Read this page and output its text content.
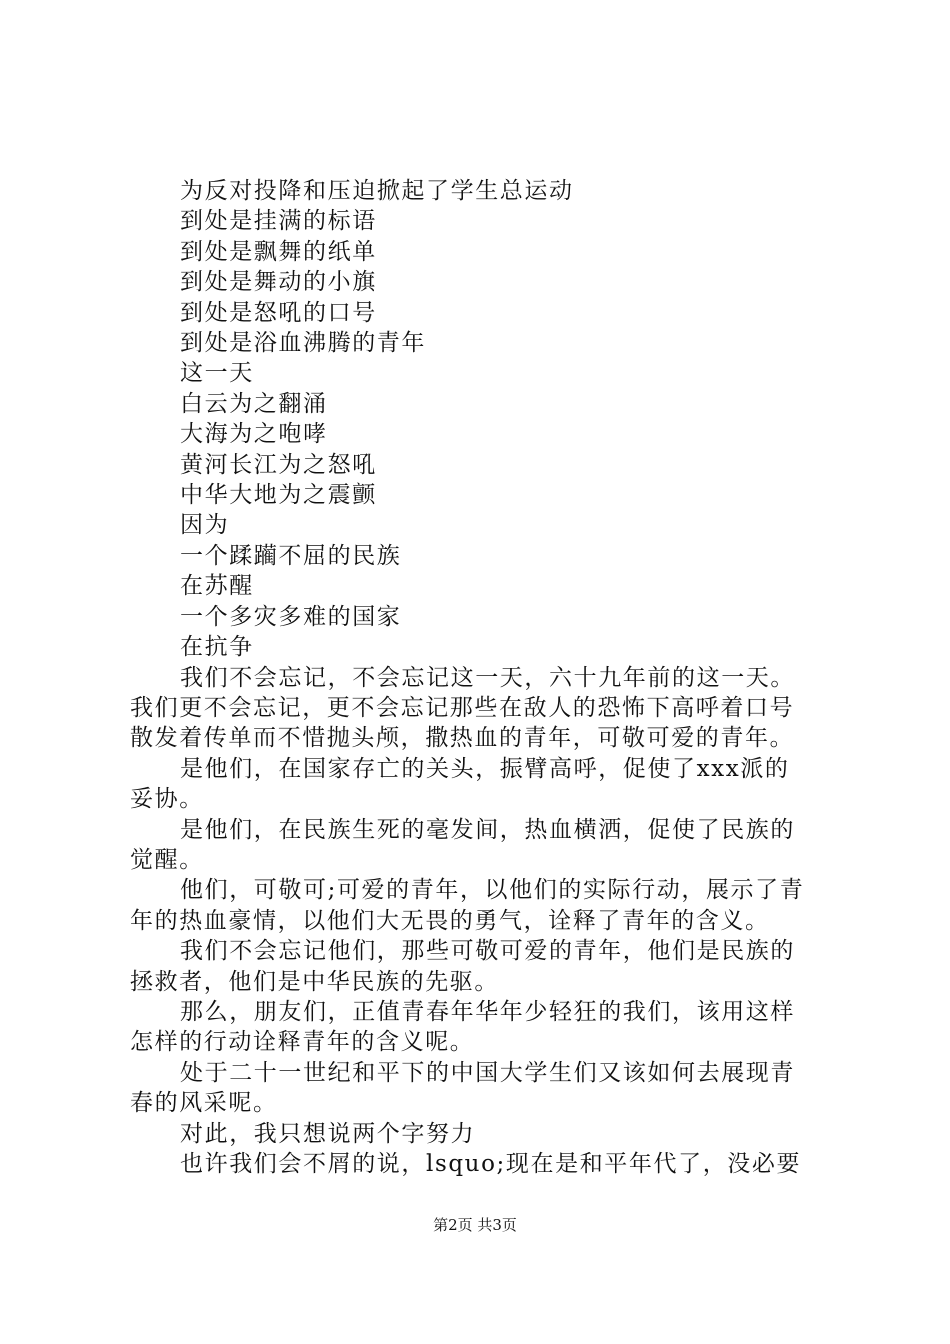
为反对投降和压迫掀起了学生总运动
到处是挂满的标语
到处是飘舞的纸单
到处是舞动的小旗
到处是怒吼的口号
到处是浴血沸腾的青年
这一天
白云为之翻涌
大海为之咆哮
黄河长江为之怒吼
中华大地为之震颤
因为
一个蹂躏不屈的民族
在苏醒
一个多灾多难的国家
在抗争
我们不会忘记，不会忘记这一天，六十九年前的这一天。
我们更不会忘记，更不会忘记那些在敌人的恐怖下高呼着口号
散发着传单而不惜抛头颅，撒热血的青年，可敬可爱的青年。
是他们，在国家存亡的关头，振臂高呼，促使了xxx派的
妥协。
是他们，在民族生死的毫发间，热血横洒，促使了民族的
觉醒。
他们，可敬可;可爱的青年，以他们的实际行动，展示了青
年的热血豪情，以他们大无畏的勇气，诠释了青年的含义。
我们不会忘记他们，那些可敬可爱的青年，他们是民族的
拯救者，他们是中华民族的先驱。
那么，朋友们，正值青春年华年少轻狂的我们，该用这样
怎样的行动诠释青年的含义呢。
处于二十一世纪和平下的中国大学生们又该如何去展现青
春的风采呢。
对此，我只想说两个字努力
也许我们会不屑的说，lsquo;现在是和平年代了，没必要
第2页 共3页
